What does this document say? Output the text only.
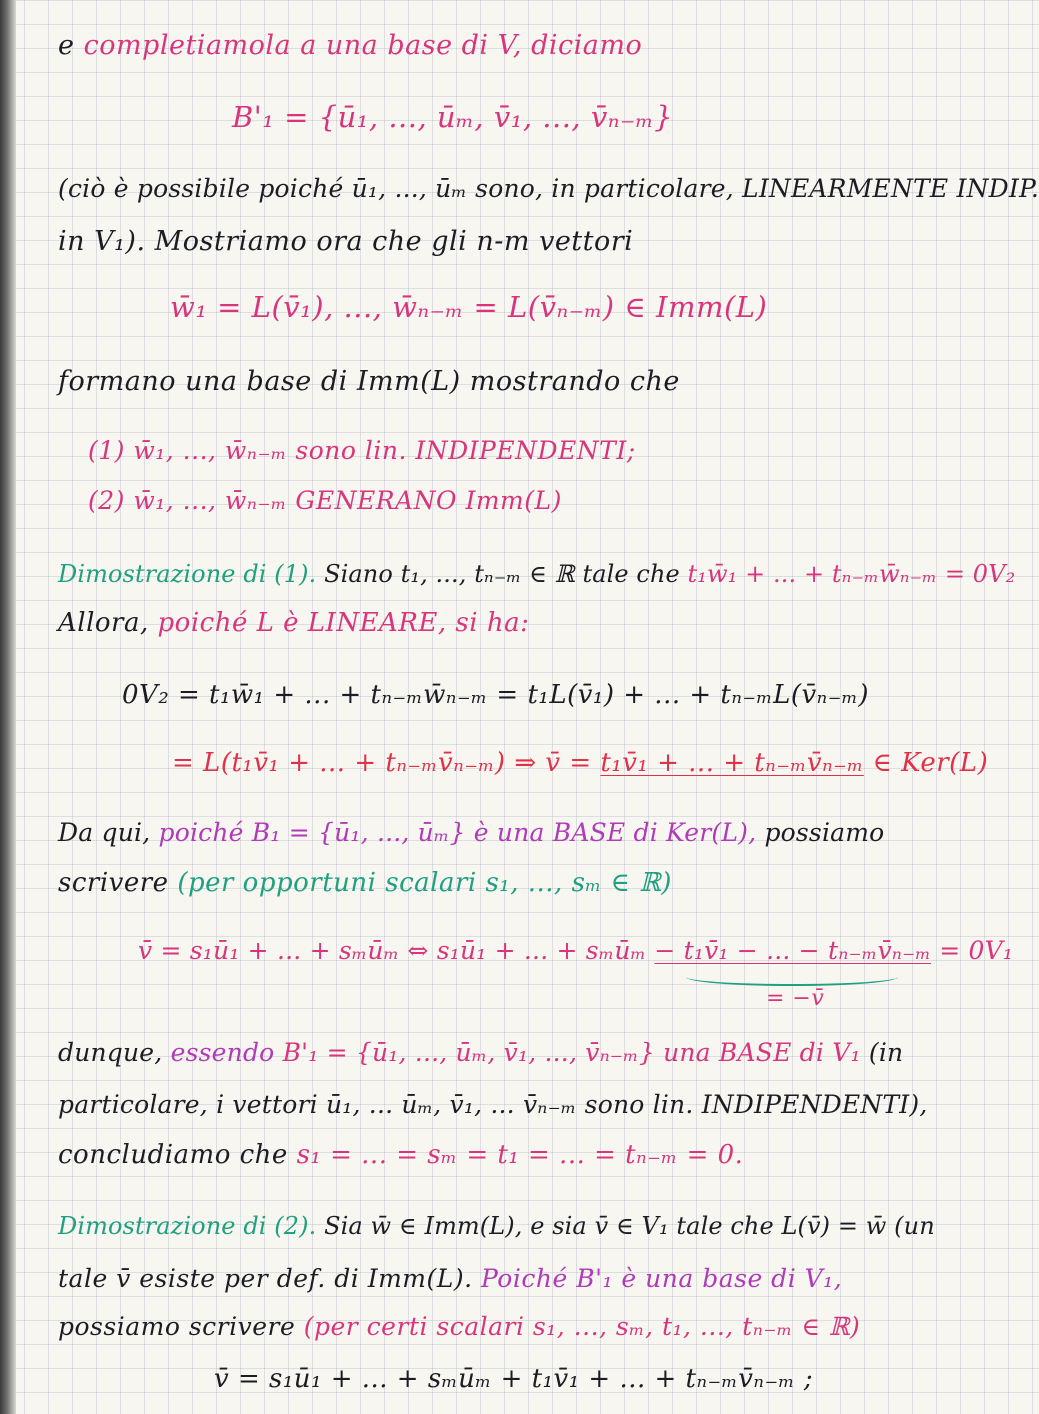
e completiamola a una base di V, diciamo
B'₁ = {ū₁, ..., ūₘ, v̄₁, ..., v̄ₙ₋ₘ}
(ciò è possibile poiché ū₁, ..., ūₘ sono, in particolare, LINEARMENTE INDIP.
in V₁). Mostriamo ora che gli n-m vettori
w̄₁ = L(v̄₁), ..., w̄ₙ₋ₘ = L(v̄ₙ₋ₘ) ∈ Imm(L)
formano una base di Imm(L) mostrando che
(1) w̄₁, ..., w̄ₙ₋ₘ sono lin. INDIPENDENTI;
(2) w̄₁, ..., w̄ₙ₋ₘ GENERANO Imm(L)
Dimostrazione di (1). Siano t₁, ..., tₙ₋ₘ ∈ ℝ tale che t₁w̄₁ + ... + tₙ₋ₘw̄ₙ₋ₘ = 0V₂
Allora, poiché L è LINEARE, si ha:
0V₂ = t₁w̄₁ + ... + tₙ₋ₘw̄ₙ₋ₘ = t₁L(v̄₁) + ... + tₙ₋ₘL(v̄ₙ₋ₘ)
= L(t₁v̄₁ + ... + tₙ₋ₘv̄ₙ₋ₘ) ⇒ v̄ = t₁v̄₁ + ... + tₙ₋ₘv̄ₙ₋ₘ ∈ Ker(L)
Da qui, poiché B₁ = {ū₁, ..., ūₘ} è una BASE di Ker(L), possiamo
scrivere (per opportuni scalari s₁, ..., sₘ ∈ ℝ)
v̄ = s₁ū₁ + ... + sₘūₘ ⇔ s₁ū₁ + ... + sₘūₘ − t₁v̄₁ − ... − tₙ₋ₘv̄ₙ₋ₘ = 0V₁
= −v̄
dunque, essendo B'₁ = {ū₁, ..., ūₘ, v̄₁, ..., v̄ₙ₋ₘ} una BASE di V₁ (in
particolare, i vettori ū₁, ... ūₘ, v̄₁, ... v̄ₙ₋ₘ sono lin. INDIPENDENTI),
concludiamo che s₁ = ... = sₘ = t₁ = ... = tₙ₋ₘ = 0.
Dimostrazione di (2). Sia w̄ ∈ Imm(L), e sia v̄ ∈ V₁ tale che L(v̄) = w̄ (un
tale v̄ esiste per def. di Imm(L). Poiché B'₁ è una base di V₁,
possiamo scrivere (per certi scalari s₁, ..., sₘ, t₁, ..., tₙ₋ₘ ∈ ℝ)
v̄ = s₁ū₁ + ... + sₘūₘ + t₁v̄₁ + ... + tₙ₋ₘv̄ₙ₋ₘ ;
